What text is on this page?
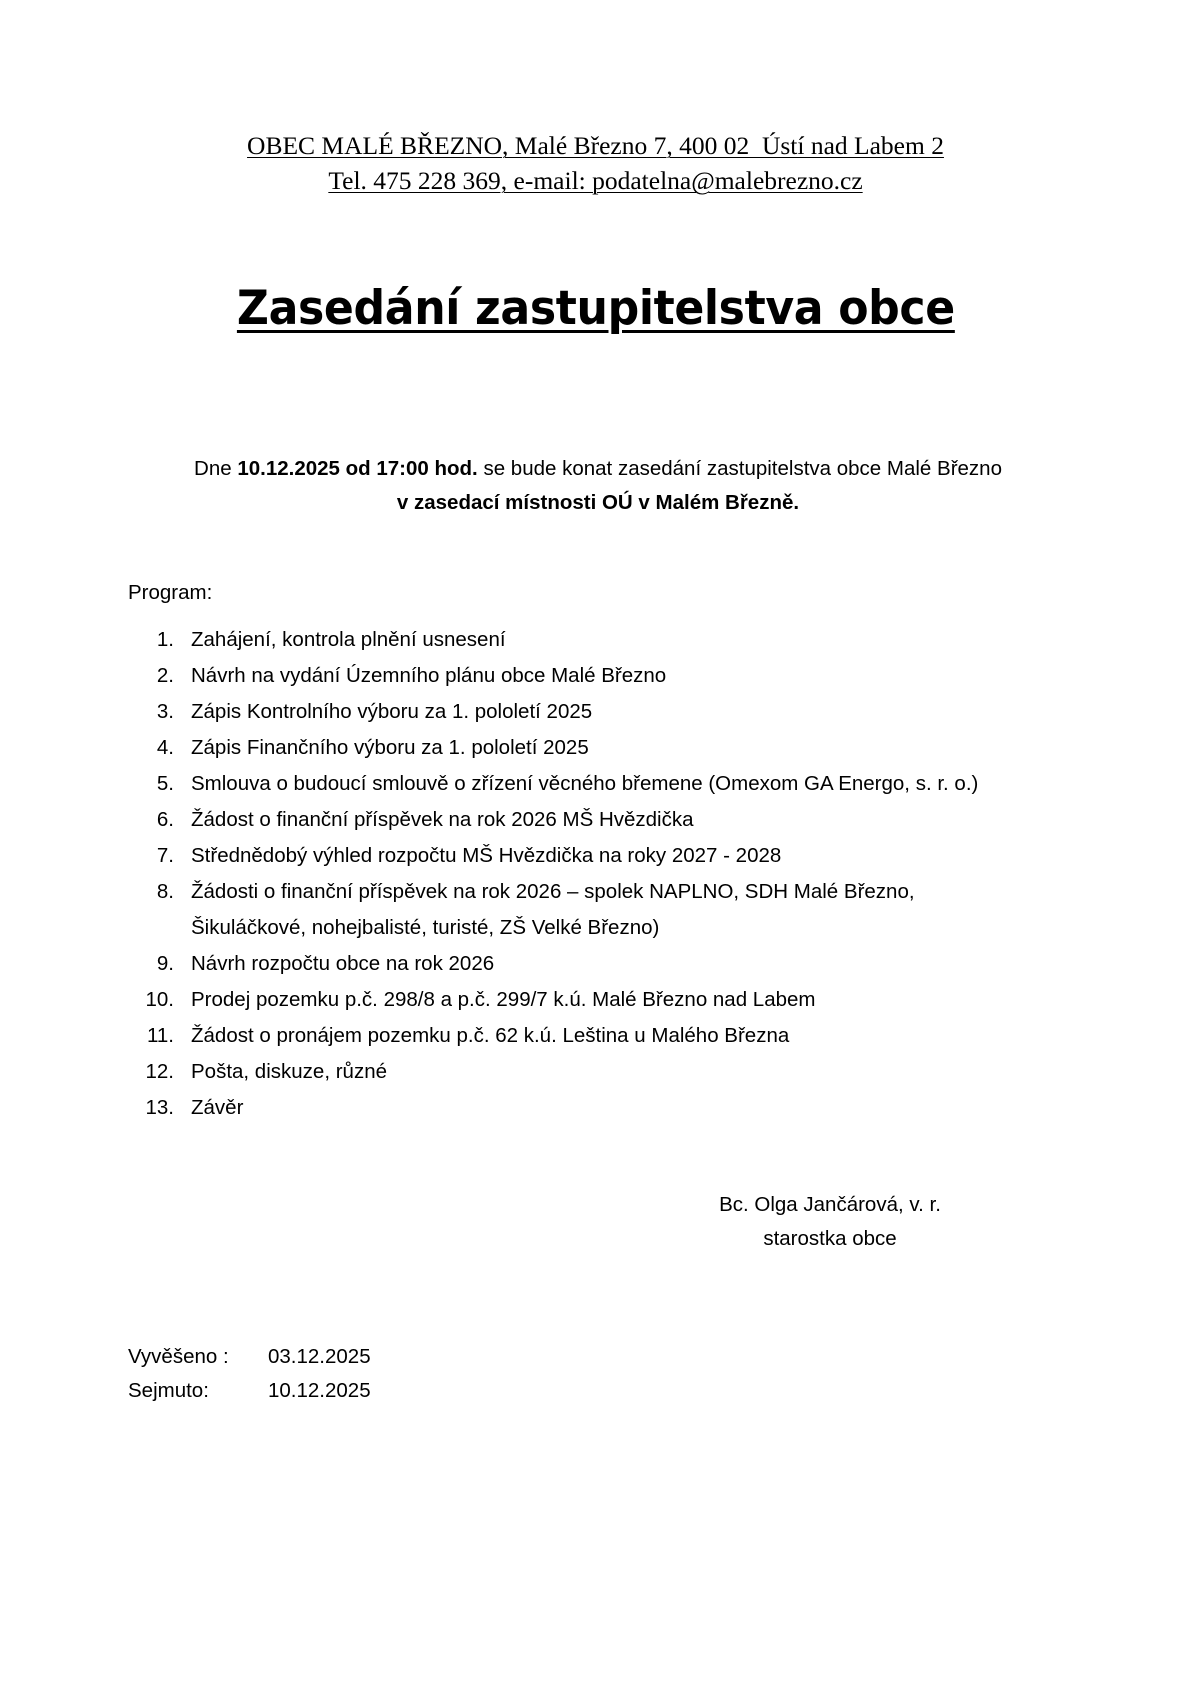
OBEC MALÉ BŘEZNO, Malé Březno 7, 400 02  Ústí nad Labem 2
Tel. 475 228 369, e-mail: podatelna@malebrezno.cz
Zasedání zastupitelstva obce
Dne 10.12.2025 od 17:00 hod. se bude konat zasedání zastupitelstva obce Malé Březno
v zasedací místnosti OÚ v Malém Březně.
Program:
1. Zahájení, kontrola plnění usnesení
2. Návrh na vydání Územního plánu obce Malé Březno
3. Zápis Kontrolního výboru za 1. pololetí 2025
4. Zápis Finančního výboru za 1. pololetí 2025
5. Smlouva o budoucí smlouvě o zřízení věcného břemene (Omexom GA Energo, s. r. o.)
6. Žádost o finanční příspěvek na rok 2026 MŠ Hvězdička
7. Střednědobý výhled rozpočtu MŠ Hvězdička na roky 2027 - 2028
8. Žádosti o finanční příspěvek na rok 2026 – spolek NAPLNO, SDH Malé Březno,
Šikuláčkové, nohejbalisté, turisté, ZŠ Velké Březno)
9. Návrh rozpočtu obce na rok 2026
10. Prodej pozemku p.č. 298/8 a p.č. 299/7 k.ú. Malé Březno nad Labem
11. Žádost o pronájem pozemku p.č. 62 k.ú. Leština u Malého Března
12. Pošta, diskuze, různé
13. Závěr
Bc. Olga Jančárová, v. r.
starostka obce
Vyvěšeno :	03.12.2025
Sejmuto:	10.12.2025
